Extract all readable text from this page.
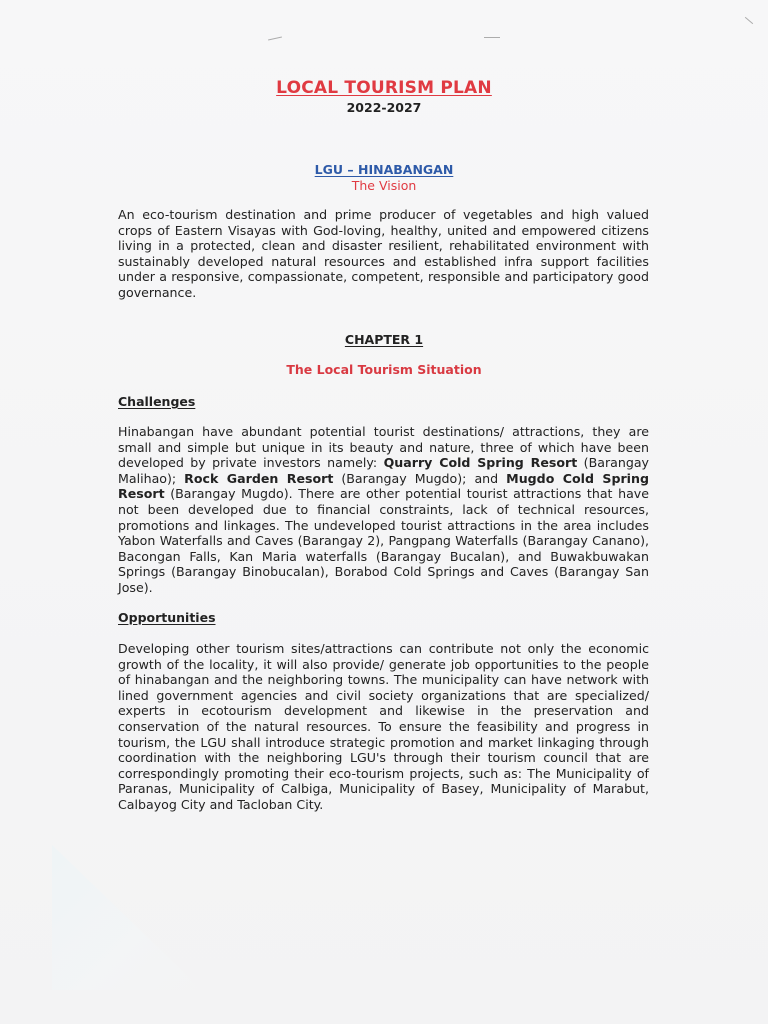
LOCAL TOURISM PLAN
2022-2027
LGU – HINABANGAN
The Vision
An eco-tourism destination and prime producer of vegetables and high valued crops of Eastern Visayas with God-loving, healthy, united and empowered citizens living in a protected, clean and disaster resilient, rehabilitated environment with sustainably developed natural resources and established infra support facilities under a responsive, compassionate, competent, responsible and participatory good governance.
CHAPTER 1
The Local Tourism Situation
Challenges
Hinabangan have abundant potential tourist destinations/ attractions, they are small and simple but unique in its beauty and nature, three of which have been developed by private investors namely: Quarry Cold Spring Resort (Barangay Malihao); Rock Garden Resort (Barangay Mugdo); and Mugdo Cold Spring Resort (Barangay Mugdo). There are other potential tourist attractions that have not been developed due to financial constraints, lack of technical resources, promotions and linkages. The undeveloped tourist attractions in the area includes Yabon Waterfalls and Caves (Barangay 2), Pangpang Waterfalls (Barangay Canano), Bacongan Falls, Kan Maria waterfalls (Barangay Bucalan), and Buwakbuwakan Springs (Barangay Binobucalan), Borabod Cold Springs and Caves (Barangay San Jose).
Opportunities
Developing other tourism sites/attractions can contribute not only the economic growth of the locality, it will also provide/ generate job opportunities to the people of hinabangan and the neighboring towns. The municipality can have network with lined government agencies and civil society organizations that are specialized/ experts in ecotourism development and likewise in the preservation and conservation of the natural resources. To ensure the feasibility and progress in tourism, the LGU shall introduce strategic promotion and market linkaging through coordination with the neighboring LGU's through their tourism council that are correspondingly promoting their eco-tourism projects, such as: The Municipality of Paranas, Municipality of Calbiga, Municipality of Basey, Municipality of Marabut, Calbayog City and Tacloban City.
